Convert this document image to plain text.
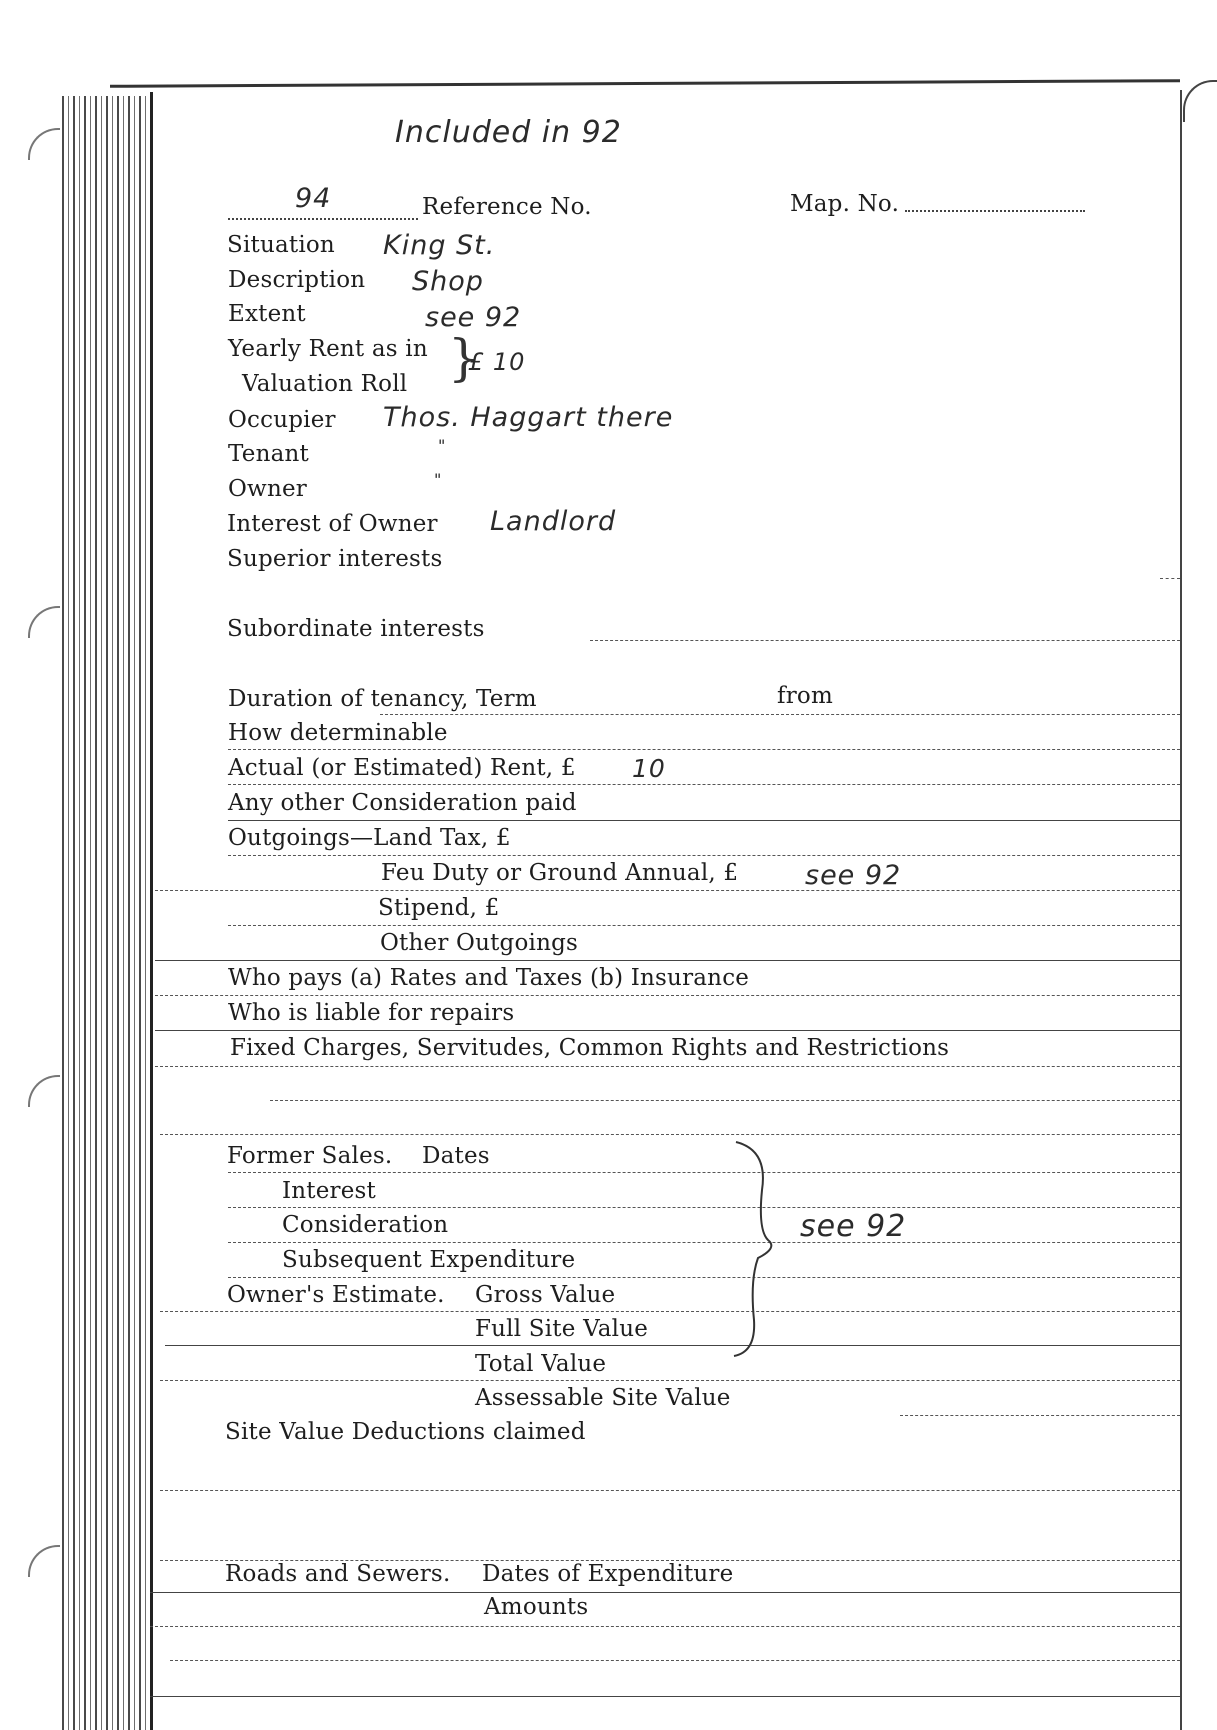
Included in 92
94	Reference No.	Map. No.
Situation King St.
Description Shop
Extent	see 92
Yearly Rent as in
Valuation Roll }
£ 10
Occupier Thos. Haggart there
Tenant	"
Owner	"
Interest of Owner Landlord
Superior interests
Subordinate interests
Duration of tenancy, Term	from
How determinable
Actual (or Estimated) Rent, £ 10
Any other Consideration paid
Outgoings—Land Tax, £
Feu Duty or Ground Annual, £ see 92
Stipend, £
Other Outgoings
Who pays (a) Rates and Taxes (b) Insurance
Who is liable for repairs
Fixed Charges, Servitudes, Common Rights and Restrictions
Former Sales. Dates
Interest
Consideration
Subsequent Expenditure
Owner's Estimate. Gross Value
Full Site Value
Total Value
Assessable Site Value
see 92
Site Value Deductions claimed
Roads and Sewers. Dates of Expenditure
Amounts
